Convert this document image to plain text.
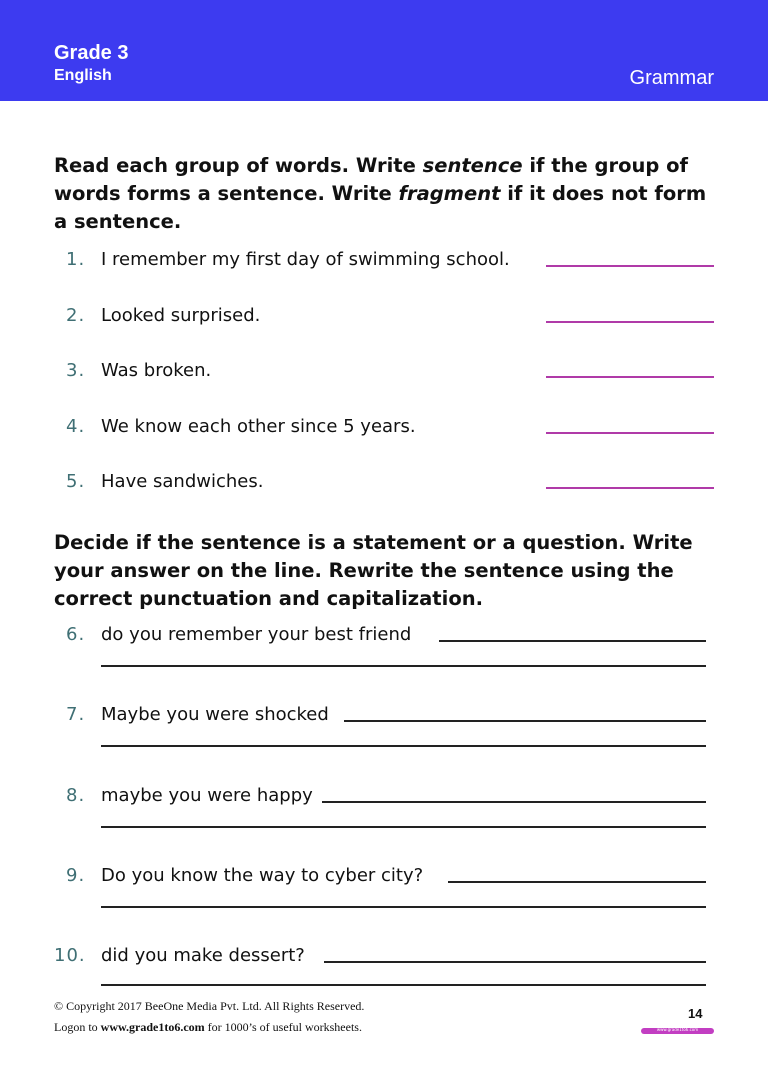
Grade 3
English	Grammar
Read each group of words. Write sentence if the group of words forms a sentence. Write fragment if it does not form a sentence.
1. I remember my first day of swimming school.
2. Looked surprised.
3. Was broken.
4. We know each other since 5 years.
5. Have sandwiches.
Decide if the sentence is a statement or a question. Write your answer on the line. Rewrite the sentence using the correct punctuation and capitalization.
6. do you remember your best friend
7. Maybe you were shocked
8. maybe you were happy
9. Do you know the way to cyber city?
10. did you make dessert?
© Copyright 2017 BeeOne Media Pvt. Ltd. All Rights Reserved.
Logon to www.grade1to6.com for 1000’s of useful worksheets.
14
www.grade1to6.com
